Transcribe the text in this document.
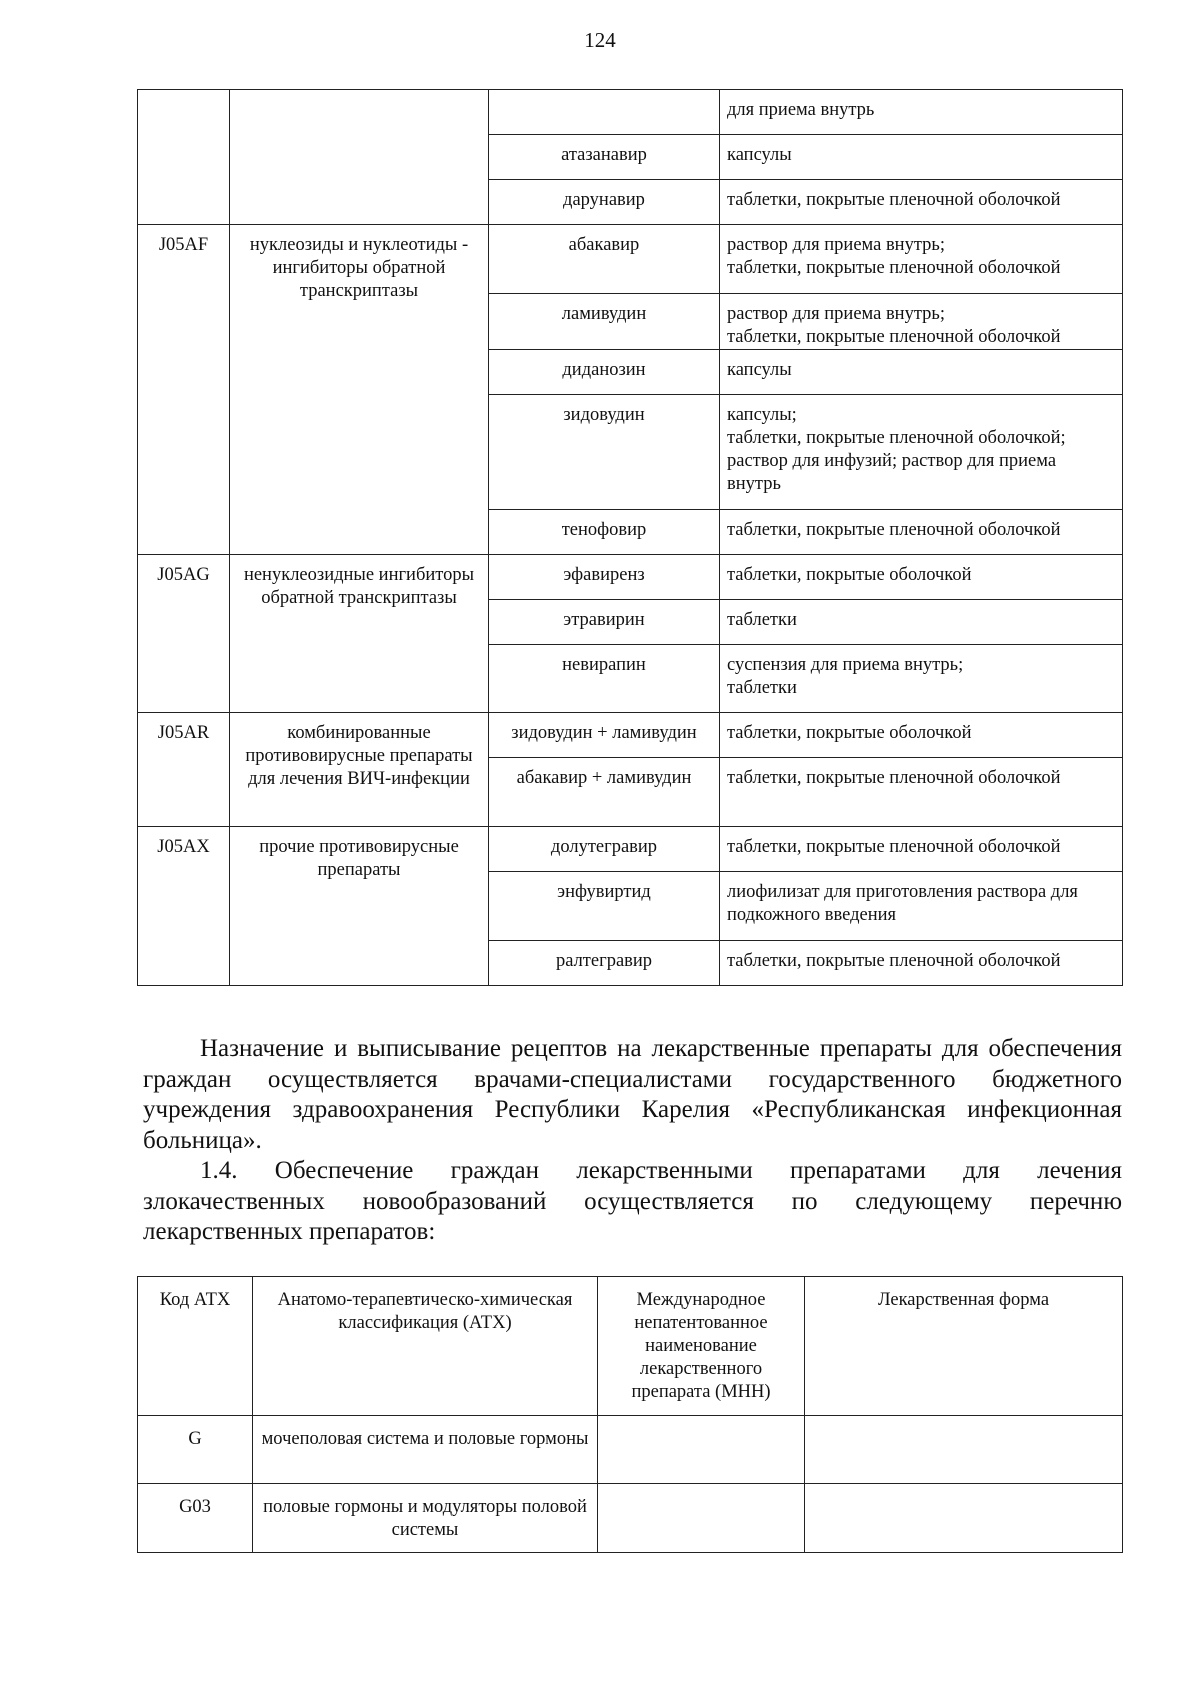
124
			для приема внутрь
		атазанавир	капсулы
		дарунавир	таблетки, покрытые пленочной оболочкой
J05AF	нуклеозиды и нуклеотиды - ингибиторы обратной транскриптазы	абакавир	раствор для приема внутрь;
таблетки, покрытые пленочной оболочкой

		ламивудин	раствор для приема внутрь;
таблетки, покрытые пленочной оболочкой

		диданозин	капсулы
		зидовудин	капсулы;
таблетки, покрытые пленочной оболочкой;
раствор для инфузий; раствор для приема
внутрь

		тенофовир	таблетки, покрытые пленочной оболочкой
J05AG	ненуклеозидные ингибиторы обратной транскриптазы	эфавиренз	таблетки, покрытые оболочкой
		этравирин	таблетки
		невирапин	суспензия для приема внутрь;
таблетки

J05AR	комбинированные противовирусные препараты для лечения ВИЧ-инфекции	зидовудин + ламивудин	таблетки, покрытые оболочкой
		абакавир + ламивудин	таблетки, покрытые пленочной оболочкой
J05AX	прочие противовирусные препараты	долутегравир	таблетки, покрытые пленочной оболочкой
		энфувиртид	лиофилизат для приготовления раствора для
подкожного введения

		ралтегравир	таблетки, покрытые пленочной оболочкой
Назначение и выписывание рецептов на лекарственные препараты для обеспечения граждан осуществляется врачами-специалистами государственного бюджетного учреждения здравоохранения Республики Карелия «Республиканская инфекционная больница».
1.4. Обеспечение граждан лекарственными препаратами для лечения злокачественных новообразований осуществляется по следующему перечню лекарственных препаратов:
Код АТХ	Анатомо-терапевтическо-химическая классификация (АТХ)	Международное непатентованное наименование лекарственного препарата (МНН)	Лекарственная форма
G	мочеполовая система и половые гормоны		
G03	половые гормоны и модуляторы половой системы		
